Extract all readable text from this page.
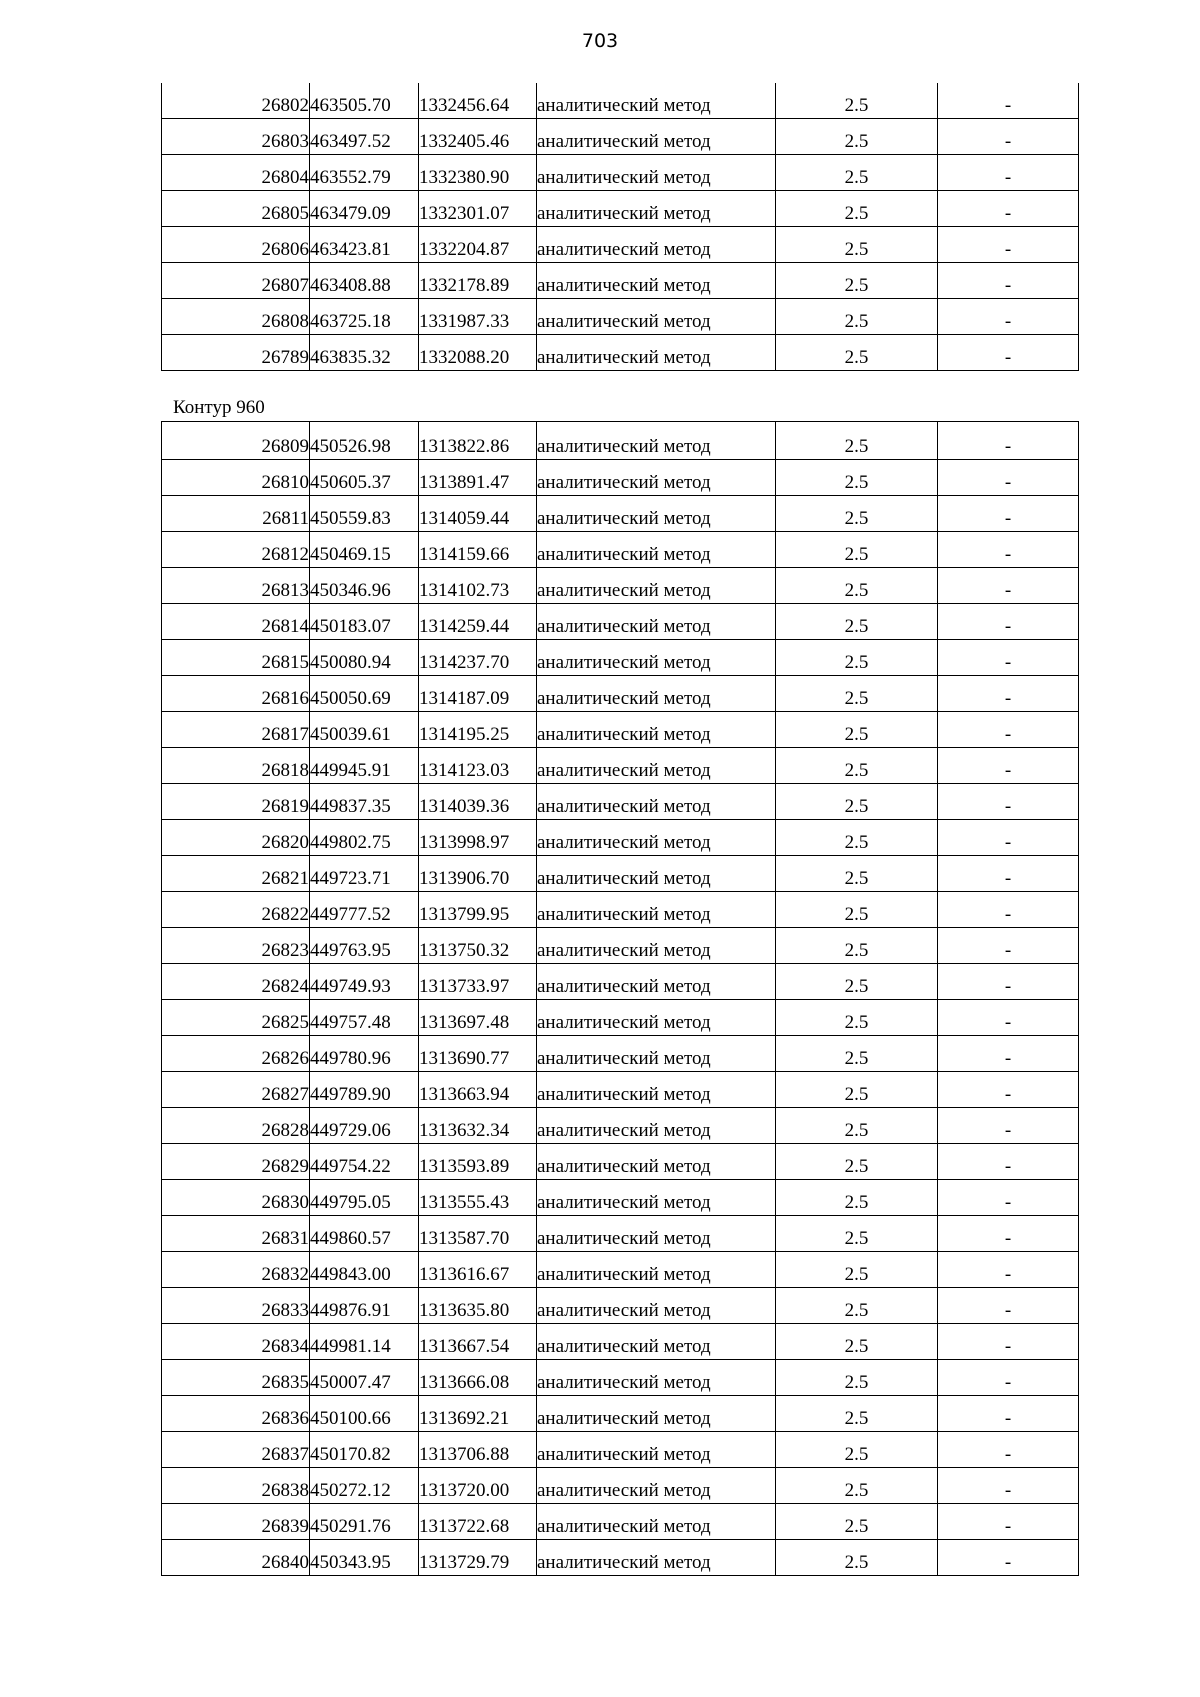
703
26802	463505.70	1332456.64	аналитический метод	2.5	-
26803	463497.52	1332405.46	аналитический метод	2.5	-
26804	463552.79	1332380.90	аналитический метод	2.5	-
26805	463479.09	1332301.07	аналитический метод	2.5	-
26806	463423.81	1332204.87	аналитический метод	2.5	-
26807	463408.88	1332178.89	аналитический метод	2.5	-
26808	463725.18	1331987.33	аналитический метод	2.5	-
26789	463835.32	1332088.20	аналитический метод	2.5	-
Контур 960
26809	450526.98	1313822.86	аналитический метод	2.5	-
26810	450605.37	1313891.47	аналитический метод	2.5	-
26811	450559.83	1314059.44	аналитический метод	2.5	-
26812	450469.15	1314159.66	аналитический метод	2.5	-
26813	450346.96	1314102.73	аналитический метод	2.5	-
26814	450183.07	1314259.44	аналитический метод	2.5	-
26815	450080.94	1314237.70	аналитический метод	2.5	-
26816	450050.69	1314187.09	аналитический метод	2.5	-
26817	450039.61	1314195.25	аналитический метод	2.5	-
26818	449945.91	1314123.03	аналитический метод	2.5	-
26819	449837.35	1314039.36	аналитический метод	2.5	-
26820	449802.75	1313998.97	аналитический метод	2.5	-
26821	449723.71	1313906.70	аналитический метод	2.5	-
26822	449777.52	1313799.95	аналитический метод	2.5	-
26823	449763.95	1313750.32	аналитический метод	2.5	-
26824	449749.93	1313733.97	аналитический метод	2.5	-
26825	449757.48	1313697.48	аналитический метод	2.5	-
26826	449780.96	1313690.77	аналитический метод	2.5	-
26827	449789.90	1313663.94	аналитический метод	2.5	-
26828	449729.06	1313632.34	аналитический метод	2.5	-
26829	449754.22	1313593.89	аналитический метод	2.5	-
26830	449795.05	1313555.43	аналитический метод	2.5	-
26831	449860.57	1313587.70	аналитический метод	2.5	-
26832	449843.00	1313616.67	аналитический метод	2.5	-
26833	449876.91	1313635.80	аналитический метод	2.5	-
26834	449981.14	1313667.54	аналитический метод	2.5	-
26835	450007.47	1313666.08	аналитический метод	2.5	-
26836	450100.66	1313692.21	аналитический метод	2.5	-
26837	450170.82	1313706.88	аналитический метод	2.5	-
26838	450272.12	1313720.00	аналитический метод	2.5	-
26839	450291.76	1313722.68	аналитический метод	2.5	-
26840	450343.95	1313729.79	аналитический метод	2.5	-
